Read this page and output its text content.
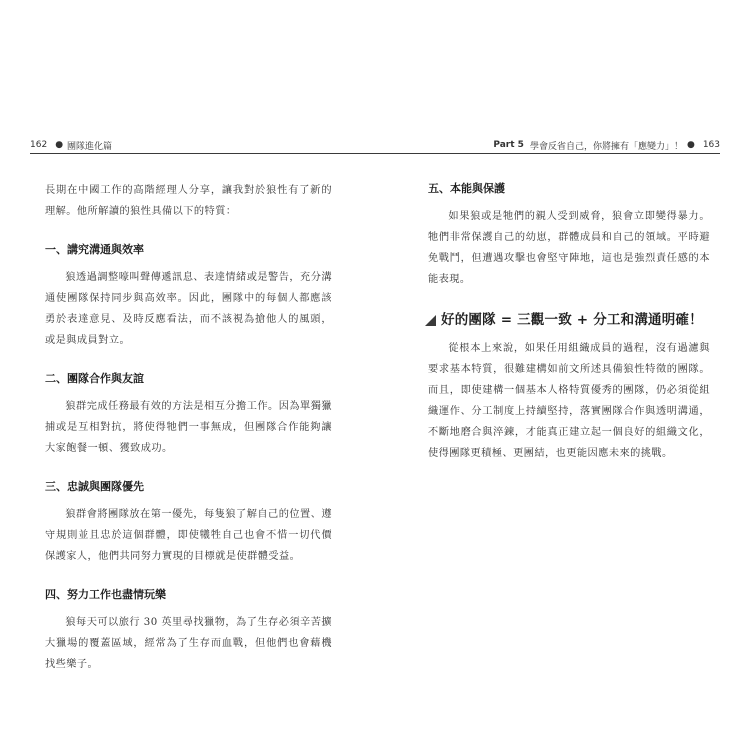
162 ● 團隊進化篇	Part 5 學會反省自己，你將擁有「應變力」！ ● 163

長期在中國工作的高階經理人分享，讓我對於狼性有了新的理解。他所解讀的狼性具備以下的特質：

一、講究溝通與效率

狼透過調整嚎叫聲傳遞訊息、表達情緒或是警告，充分溝通使團隊保持同步與高效率。因此，團隊中的每個人都應該勇於表達意見、及時反應看法，而不該視為搶他人的風頭，或是與成員對立。

二、團隊合作與友誼

狼群完成任務最有效的方法是相互分擔工作。因為單獨獵捕或是互相對抗，將使得牠們一事無成，但團隊合作能夠讓大家飽餐一頓、獲致成功。

三、忠誠與團隊優先

狼群會將團隊放在第一優先，每隻狼了解自己的位置、遵守規則並且忠於這個群體，即使犧牲自己也會不惜一切代價保護家人，他們共同努力實現的目標就是使群體受益。

四、努力工作也盡情玩樂

狼每天可以旅行 30 英里尋找獵物，為了生存必須辛苦擴大獵場的覆蓋區域，經常為了生存而血戰，但他們也會藉機找些樂子。

五、本能與保護

如果狼或是牠們的親人受到威脅，狼會立即變得暴力。牠們非常保護自己的幼崽，群體成員和自己的領域。平時避免戰鬥，但遭遇攻擊也會堅守陣地，這也是強烈責任感的本能表現。

好的團隊 = 三觀一致 + 分工和溝通明確！

從根本上來說，如果任用組織成員的過程，沒有過濾與要求基本特質，很難建構如前文所述具備狼性特徵的團隊。而且，即使建構一個基本人格特質優秀的團隊，仍必須從組織運作、分工制度上持續堅持，落實團隊合作與透明溝通，不斷地磨合與淬鍊，才能真正建立起一個良好的組織文化，使得團隊更積極、更團結，也更能因應未來的挑戰。
